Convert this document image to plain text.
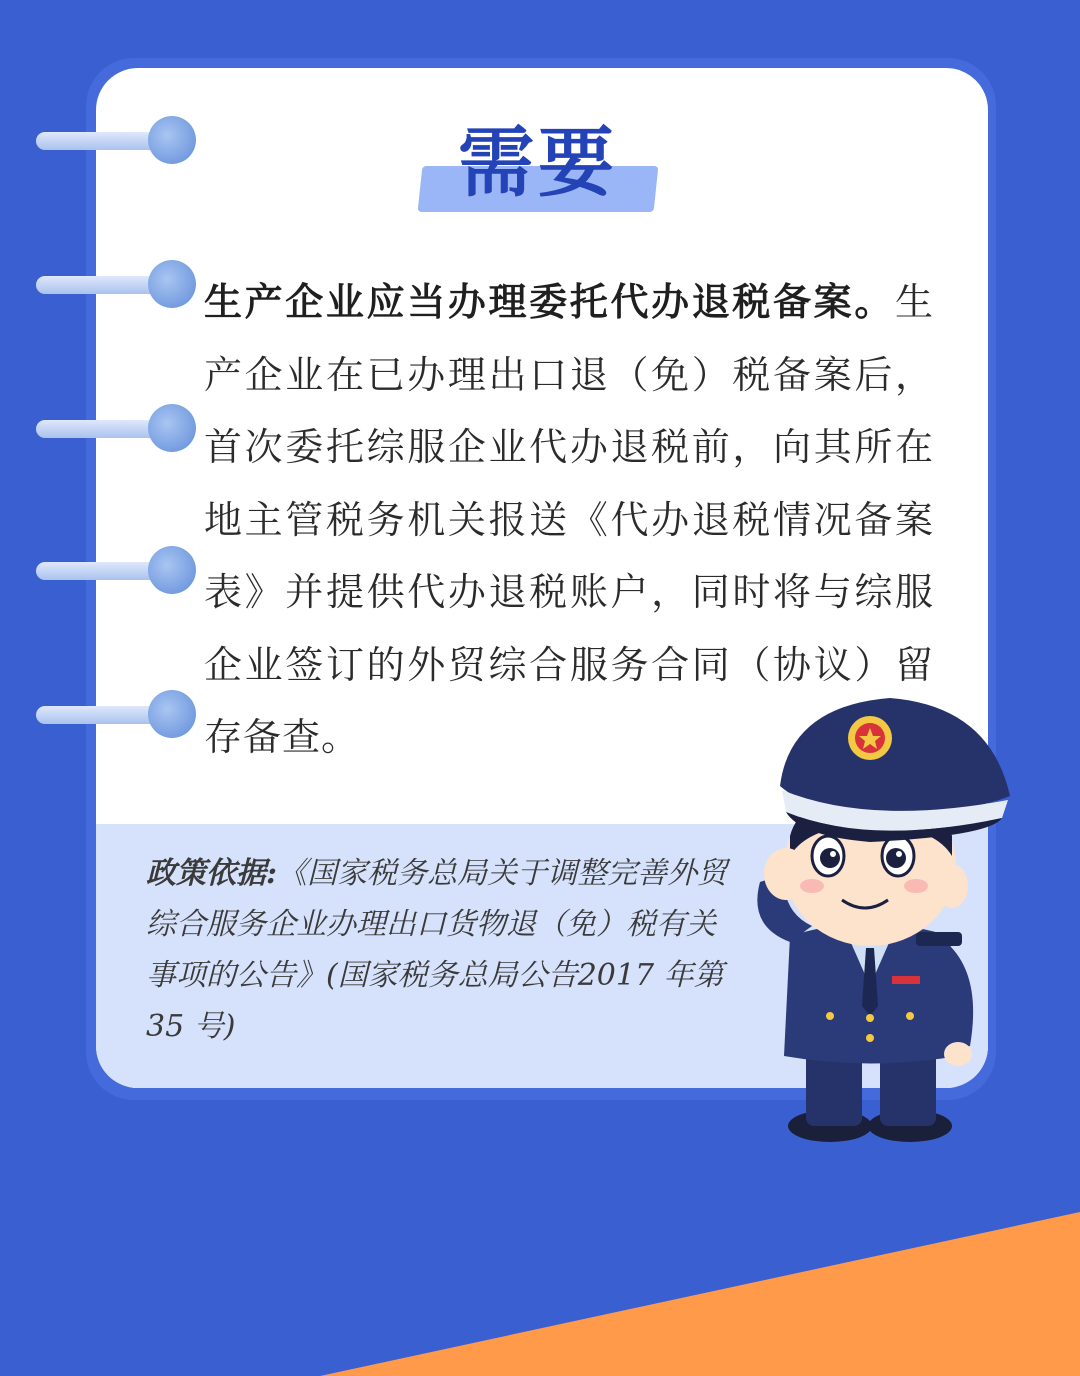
需要
生产企业应当办理委托代办退税备案。生产企业在已办理出口退（免）税备案后，首次委托综服企业代办退税前，向其所在地主管税务机关报送《代办退税情况备案表》并提供代办退税账户，同时将与综服企业签订的外贸综合服务合同（协议）留存备查。
政策依据:《国家税务总局关于调整完善外贸综合服务企业办理出口货物退（免）税有关事项的公告》(国家税务总局公告2017 年第 35 号)
